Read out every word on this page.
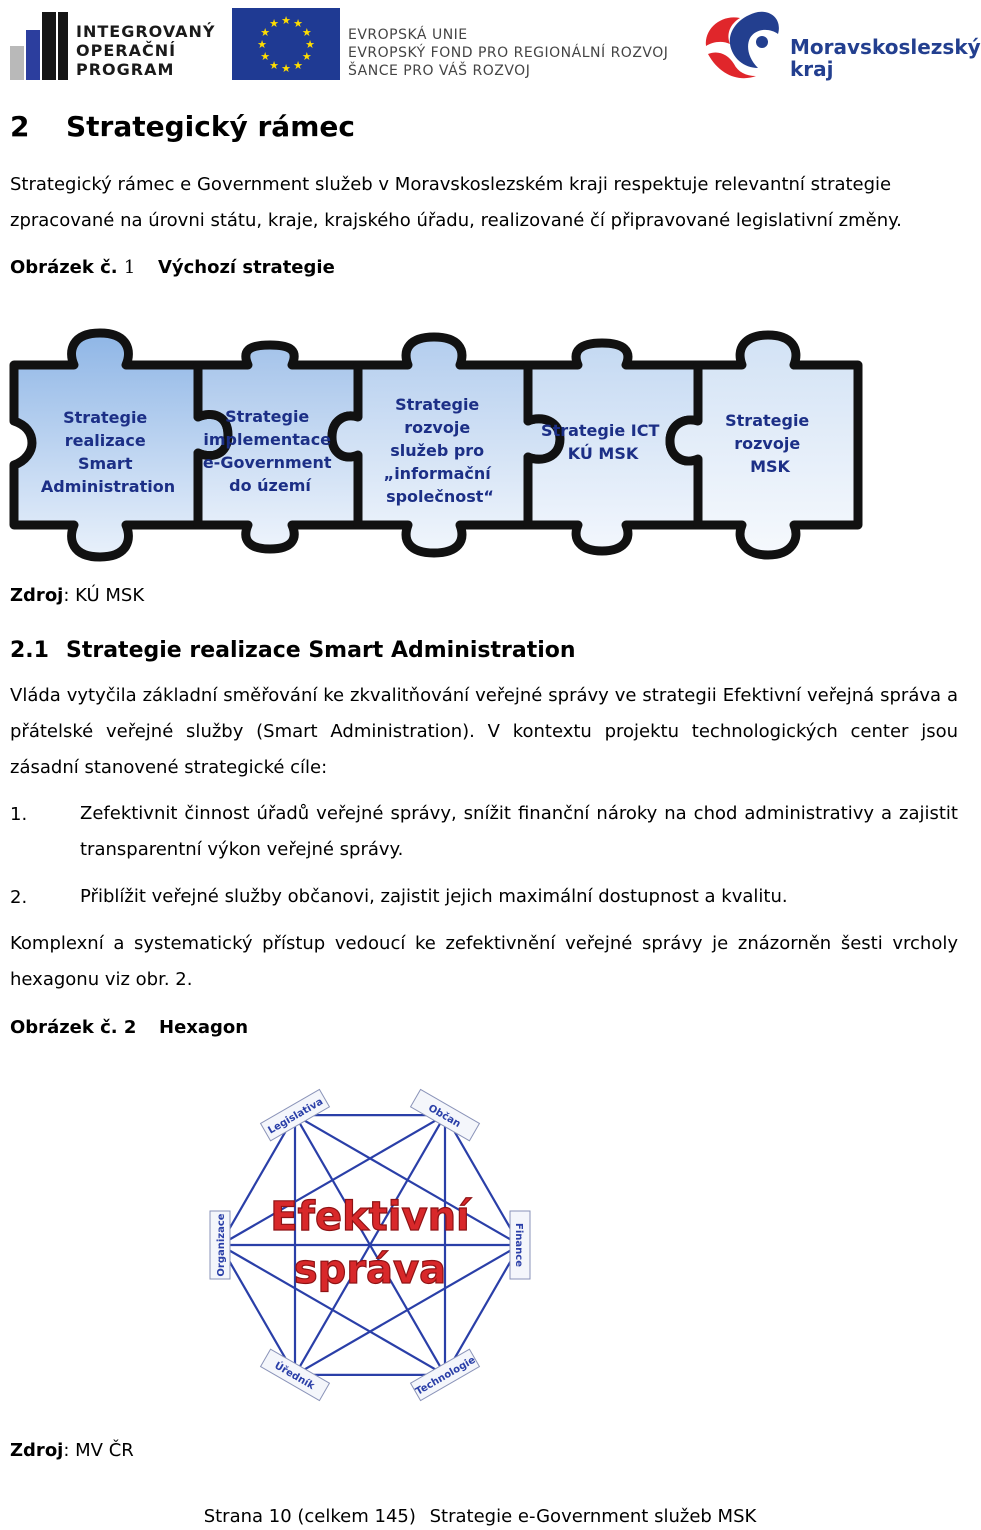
INTEGROVANÝ
OPERAČNÍ
PROGRAM
★ ★
★
★
★
★
★
★
★
★
★
★
EVROPSKÁ UNIE
EVROPSKÝ FOND PRO REGIONÁLNÍ ROZVOJ
ŠANCE PRO VÁŠ ROZVOJ
Moravskoslezský
kraj
2 Strategický rámec

Strategický rámec e Government služeb v Moravskoslezském kraji respektuje relevantní strategie zpracované na úrovni státu, kraje, krajského úřadu, realizované čí připravované legislativní změny.

Obrázek č. 1 Výchozí strategie
Strategie realizace Smart Administration
Strategie implementace e-Government do území
Strategie rozvoje služeb pro „informační společnost“
Strategie ICT KÚ MSK
Strategie rozvoje MSK
Zdroj: KÚ MSK
2.1 Strategie realizace Smart Administration

Vláda vytyčila základní směřování ke zkvalitňování veřejné správy ve strategii Efektivní veřejná správa a přátelské veřejné služby (Smart Administration). V kontextu projektu technologických center jsou zásadní stanovené strategické cíle:

1.	Zefektivnit činnost úřadů veřejné správy, snížit finanční nároky na chod administrativy a zajistit transparentní výkon veřejné správy.

2.	Přiblížit veřejné služby občanovi, zajistit jejich maximální dostupnost a kvalitu.

Komplexní a systematický přístup vedoucí ke zefektivnění veřejné správy je znázorněn šesti vrcholy hexagonu viz obr. 2.

Obrázek č. 2 Hexagon
Legislativa	Občan
Finance
Technologie
Úředník
Organizace Efektivní
správa
Zdroj: MV ČR
Strana 10 (celkem 145) Strategie e-Government služeb MSK
